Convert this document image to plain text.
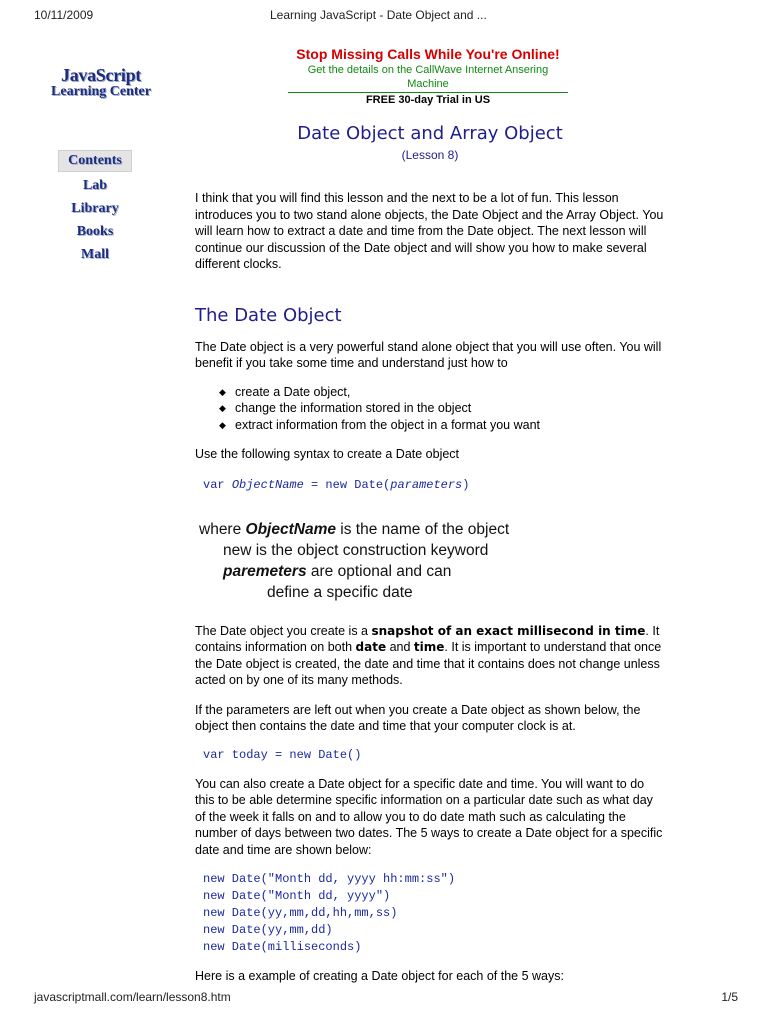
10/11/2009	Learning JavaScript - Date Object and ...
Stop Missing Calls While You're Online!
Get the details on the CallWave Internet Ansering Machine
FREE 30-day Trial in US
JavaScript
Learning Center
Contents
Lab
Library
Books
Mall
Date Object and Array Object
(Lesson 8)

I think that you will find this lesson and the next to be a lot of fun. This lesson introduces you to two stand alone objects, the Date Object and the Array Object. You will learn how to extract a date and time from the Date object. The next lesson will continue our discussion of the Date object and will show you how to make several different clocks.

The Date Object

The Date object is a very powerful stand alone object that you will use often. You will benefit if you take some time and understand just how to

◆ create a Date object,
◆ change the information stored in the object
◆ extract information from the object in a format you want

Use the following syntax to create a Date object

var ObjectName = new Date(parameters)
where ObjectName is the name of the object
new is the object construction keyword
paremeters are optional and can
define a specific date

The Date object you create is a snapshot of an exact millisecond in time. It contains information on both date and time. It is important to understand that once the Date object is created, the date and time that it contains does not change unless acted on by one of its many methods.

If the parameters are left out when you create a Date object as shown below, the object then contains the date and time that your computer clock is at.

var today = new Date()

You can also create a Date object for a specific date and time. You will want to do this to be able determine specific information on a particular date such as what day of the week it falls on and to allow you to do date math such as calculating the number of days between two dates. The 5 ways to create a Date object for a specific date and time are shown below:

new Date("Month dd, yyyy hh:mm:ss")
new Date("Month dd, yyyy")
new Date(yy,mm,dd,hh,mm,ss)
new Date(yy,mm,dd)
new Date(milliseconds)

Here is a example of creating a Date object for each of the 5 ways:

javascriptmall.com/learn/lesson8.htm	1/5
